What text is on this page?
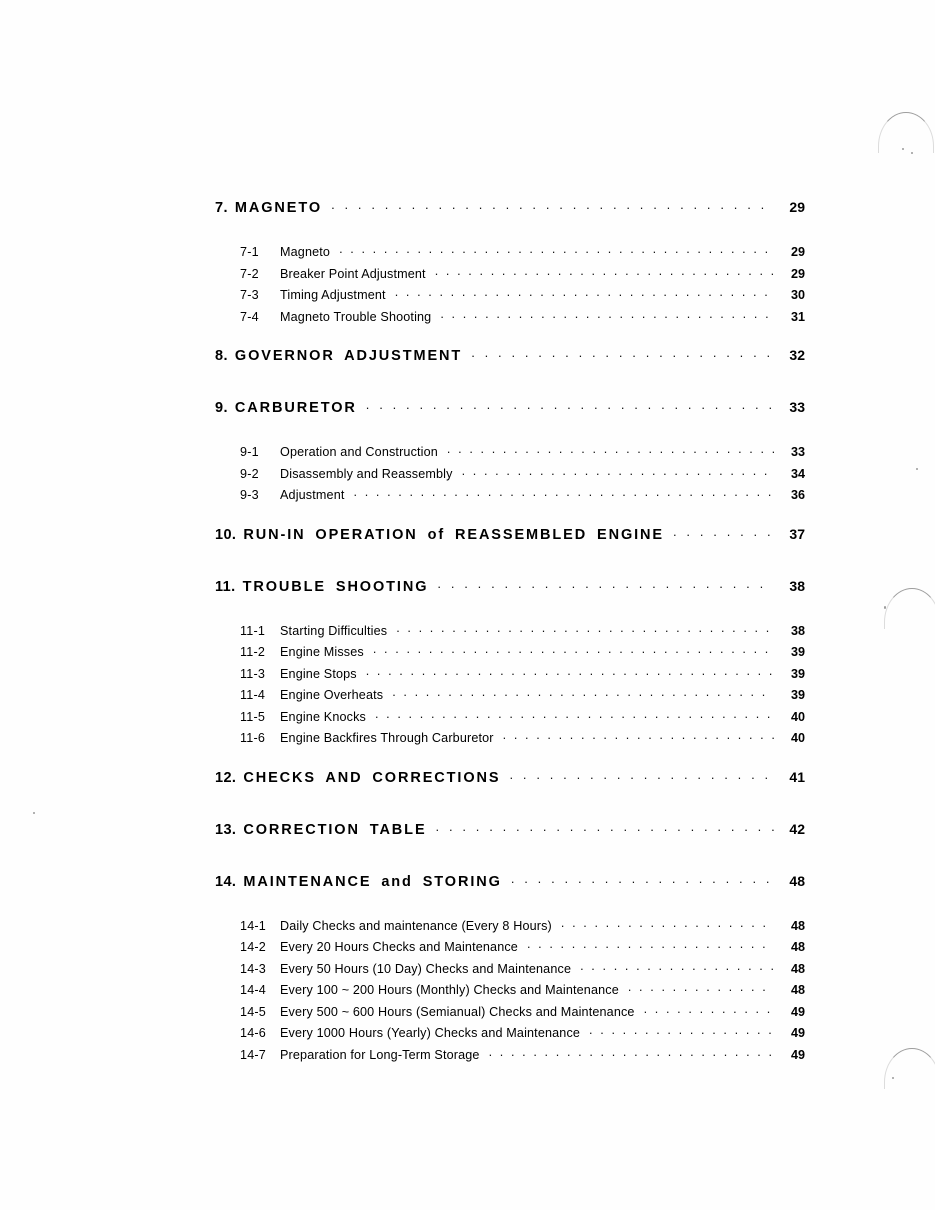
7. MAGNETO . . .	29
7-1	Magneto . . .	29
7-2	Breaker Point Adjustment . . .	29
7-3	Timing Adjustment . . .	30
7-4	Magneto Trouble Shooting . . .	31
8. GOVERNOR ADJUSTMENT . . .	32
9. CARBURETOR . . .	33
9-1	Operation and Construction . . .	33
9-2	Disassembly and Reassembly . . .	34
9-3	Adjustment . . .	36
10. RUN-IN OPERATION of REASSEMBLED ENGINE . . .	37
11. TROUBLE SHOOTING . . .	38
11-1	Starting Difficulties . . .	38
11-2	Engine Misses . . .	39
11-3	Engine Stops . . .	39
11-4	Engine Overheats . . .	39
11-5	Engine Knocks . . .	40
11-6	Engine Backfires Through Carburetor . . .	40
12. CHECKS AND CORRECTIONS . . .	41
13. CORRECTION TABLE . . .	42
14. MAINTENANCE and STORING . . .	48
14-1	Daily Checks and maintenance (Every 8 Hours) . . .	48
14-2	Every 20 Hours Checks and Maintenance . . .	48
14-3	Every 50 Hours (10 Day) Checks and Maintenance . . .	48
14-4	Every 100 ~ 200 Hours (Monthly) Checks and Maintenance . . .	48
14-5	Every 500 ~ 600 Hours (Semianual) Checks and Maintenance . . .	49
14-6	Every 1000 Hours (Yearly) Checks and Maintenance . . .	49
14-7	Preparation for Long-Term Storage . . .	49
